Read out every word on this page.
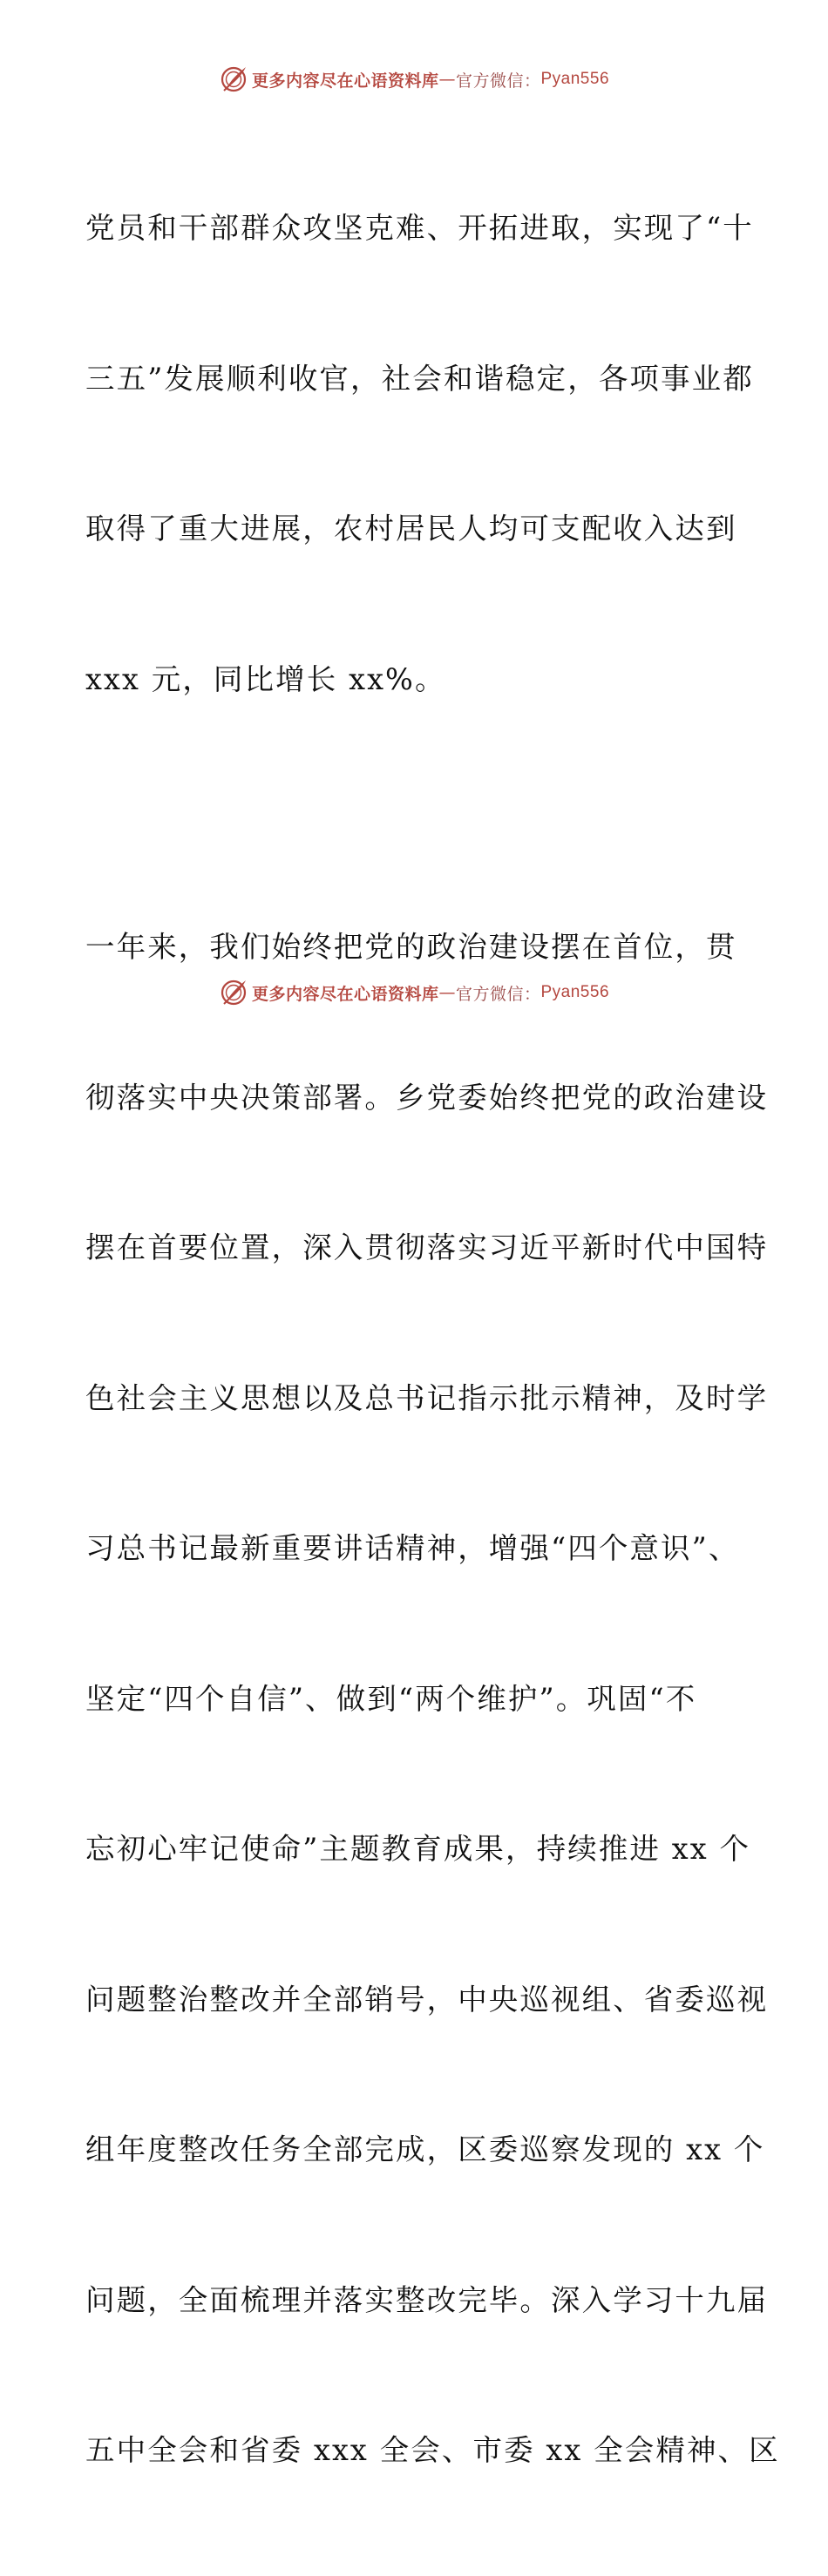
更多内容尽在心语资料库 — 官方微信： Pyan556

党员和干部群众攻坚克难、开拓进取，实现了“十

三五”发展顺利收官，社会和谐稳定，各项事业都

取得了重大进展，农村居民人均可支配收入达到

xxx 元，同比增长 xx%。

一年来，我们始终把党的政治建设摆在首位，贯

彻落实中央决策部署。乡党委始终把党的政治建设

摆在首要位置，深入贯彻落实习近平新时代中国特

色社会主义思想以及总书记指示批示精神，及时学

习总书记最新重要讲话精神，增强“四个意识”、

坚定“四个自信”、做到“两个维护”。巩固“不

忘初心牢记使命”主题教育成果，持续推进 xx 个

问题整治整改并全部销号，中央巡视组、省委巡视

组年度整改任务全部完成，区委巡察发现的 xx 个

问题，全面梳理并落实整改完毕。深入学习十九届

五中全会和省委 xxx 全会、市委 xx 全会精神、区

更多内容尽在心语资料库 — 官方微信： Pyan556
